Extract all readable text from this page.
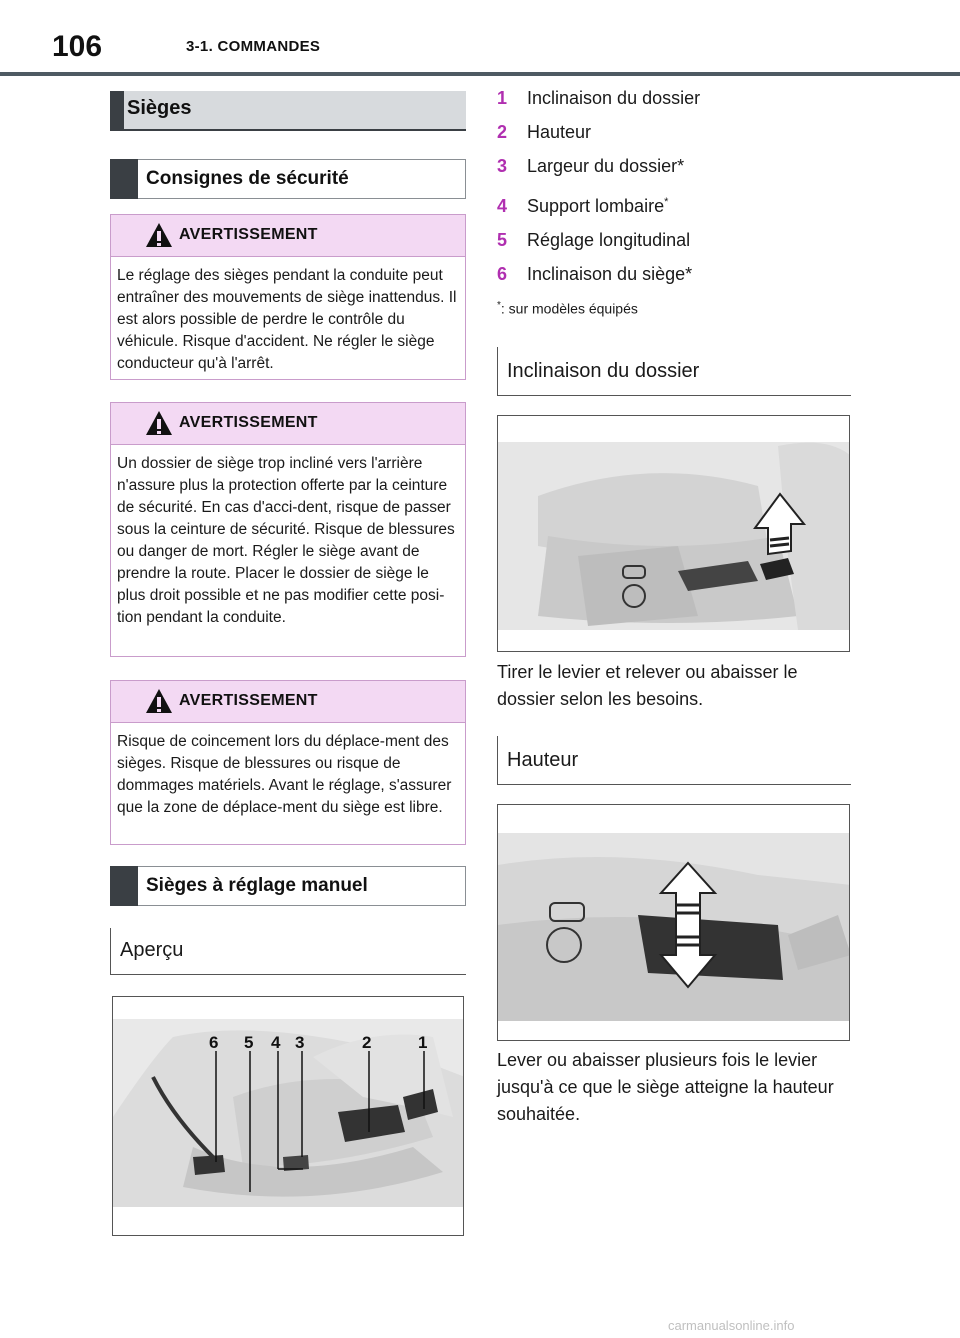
106	3-1. COMMANDES
Sièges
Consignes de sécurité
AVERTISSEMENT
Le réglage des sièges pendant la conduite peut entraîner des mouvements de siège inattendus. Il est alors possible de perdre le contrôle du véhicule. Risque d'accident. Ne régler le siège conducteur qu'à l'arrêt.
AVERTISSEMENT
Un dossier de siège trop incliné vers l'arrière n'assure plus la protection offerte par la ceinture de sécurité. En cas d'acci-dent, risque de passer sous la ceinture de sécurité. Risque de blessures ou danger de mort. Régler le siège avant de prendre la route. Placer le dossier de siège le plus droit possible et ne pas modifier cette posi-tion pendant la conduite.
AVERTISSEMENT
Risque de coincement lors du déplace-ment des sièges. Risque de blessures ou risque de dommages matériels. Avant le réglage, s'assurer que la zone de déplace-ment du siège est libre.
Sièges à réglage manuel
Aperçu
6 5 4 3	2	1
1 Inclinaison du dossier
2 Hauteur
3 Largeur du dossier*
4 Support lombaire*
5 Réglage longitudinal
6 Inclinaison du siège*
*: sur modèles équipés
Inclinaison du dossier
Tirer le levier et relever ou abaisser le dossier selon les besoins.
Hauteur
Lever ou abaisser plusieurs fois le levier jusqu'à ce que le siège atteigne la hauteur souhaitée.
carmanualsonline.info
